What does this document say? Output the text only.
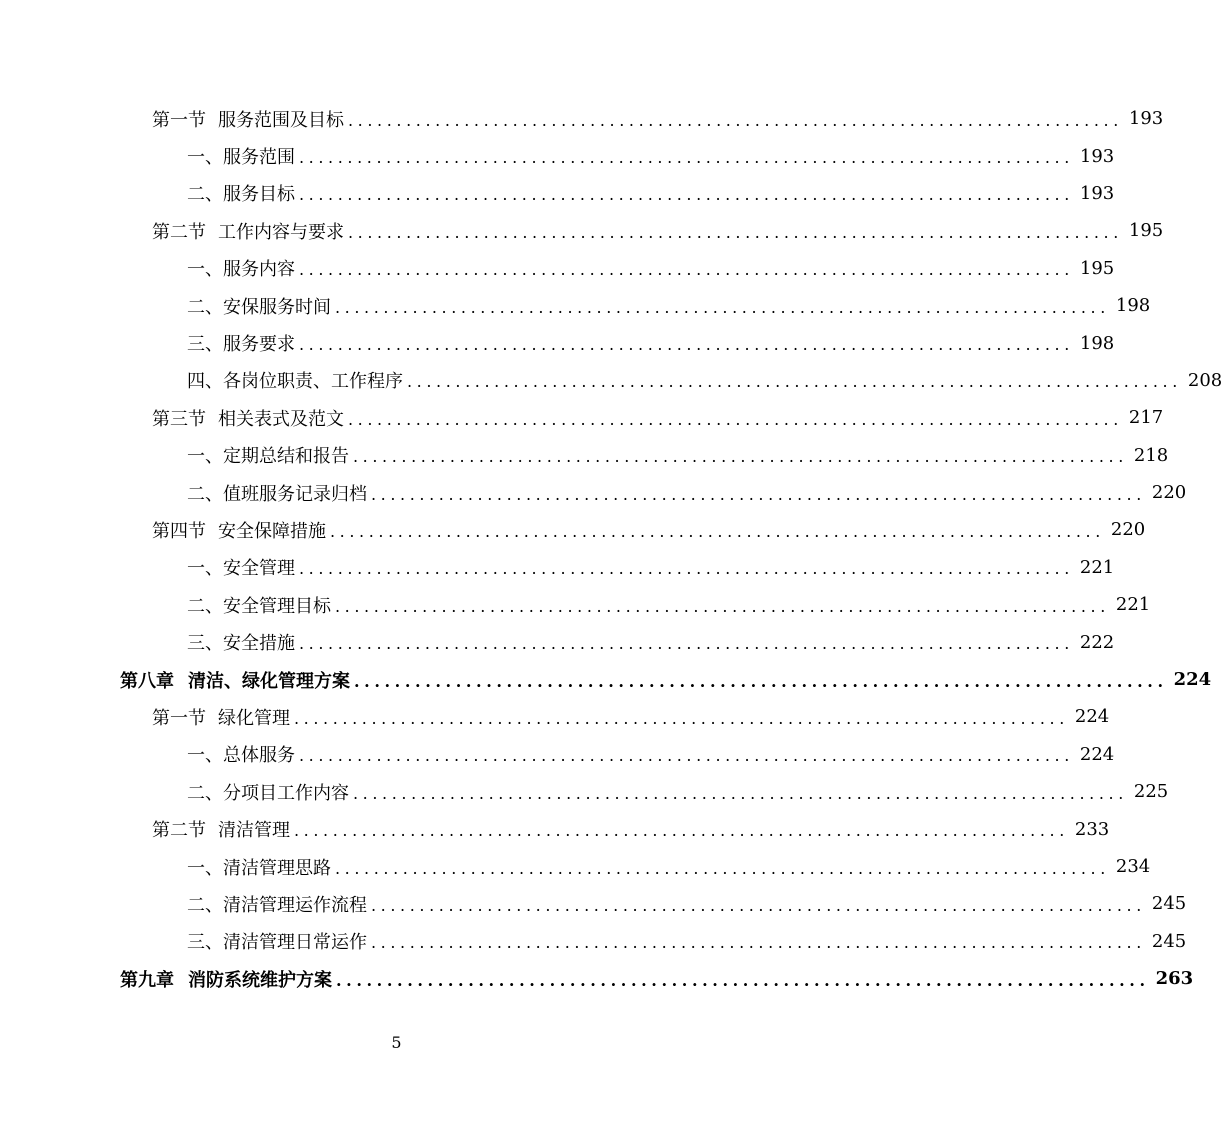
第一节 服务范围及目标 ................................................................................ 193
一、服务范围 ................................................................................ 193
二、服务目标 ................................................................................ 193
第二节 工作内容与要求 ................................................................................ 195
一、服务内容 ................................................................................ 195
二、安保服务时间 ................................................................................ 198
三、服务要求 ................................................................................ 198
四、各岗位职责、工作程序 ................................................................................ 208
第三节 相关表式及范文 ................................................................................ 217
一、定期总结和报告 ................................................................................ 218
二、值班服务记录归档 ................................................................................ 220
第四节 安全保障措施 ................................................................................ 220
一、安全管理 ................................................................................ 221
二、安全管理目标 ................................................................................ 221
三、安全措施 ................................................................................ 222
第八章 清洁、绿化管理方案 ................................................................................ 224
第一节 绿化管理 ................................................................................ 224
一、总体服务 ................................................................................ 224
二、分项目工作内容 ................................................................................ 225
第二节 清洁管理 ................................................................................ 233
一、清洁管理思路 ................................................................................ 234
二、清洁管理运作流程 ................................................................................ 245
三、清洁管理日常运作 ................................................................................ 245
第九章 消防系统维护方案 ................................................................................ 263
5
